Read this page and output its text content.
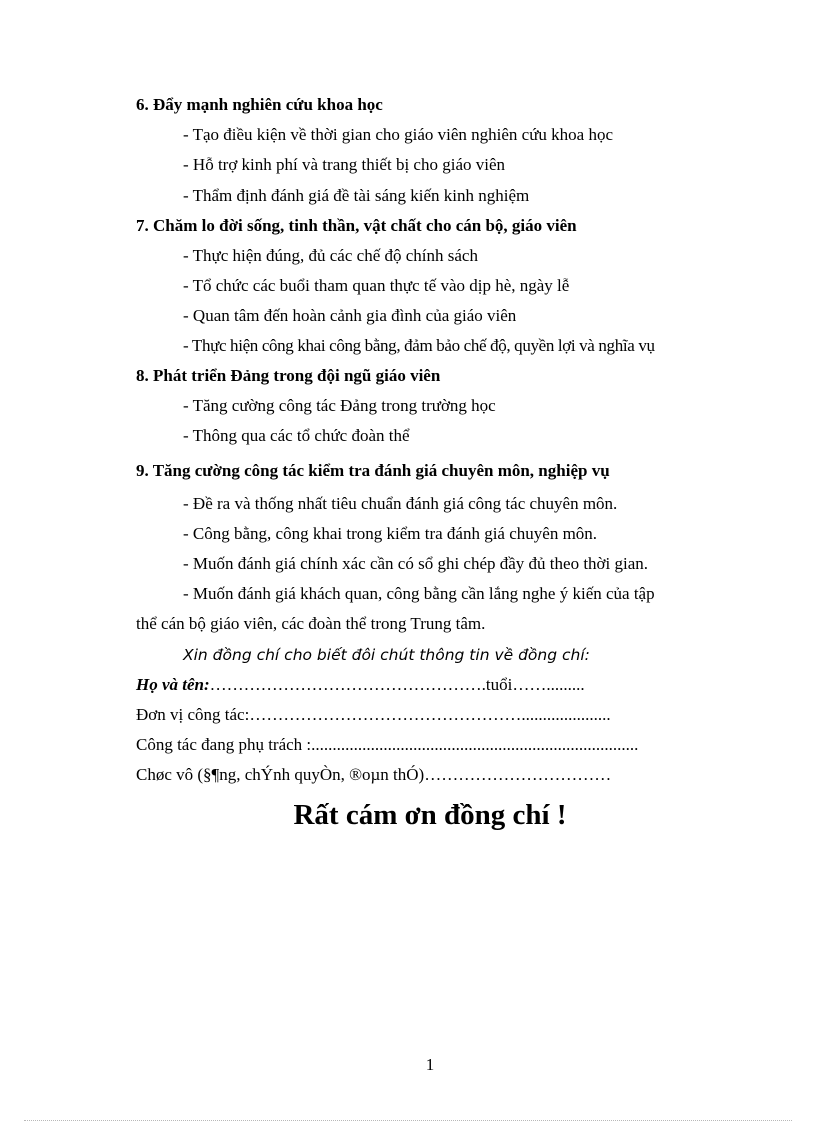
6. Đẩy mạnh nghiên cứu khoa học
- Tạo điều kiện về thời gian cho giáo viên nghiên cứu khoa học
- Hỗ trợ kinh phí và trang thiết bị cho giáo viên
- Thẩm định đánh giá đề tài sáng kiến kinh nghiệm
7. Chăm lo đời sống, tinh thần, vật chất cho cán bộ, giáo viên
- Thực hiện đúng, đủ các chế độ chính sách
- Tổ chức các buổi tham quan thực tế vào dịp hè, ngày lễ
- Quan tâm đến hoàn cảnh gia đình của giáo viên
- Thực hiện công khai công bằng, đảm bảo chế độ, quyền lợi và nghĩa vụ
8. Phát triển Đảng trong đội ngũ giáo viên
- Tăng cường công tác Đảng trong trường học
- Thông qua các tổ chức đoàn thể
9. Tăng cường công tác kiểm tra đánh giá chuyên môn, nghiệp vụ
- Đề ra và thống nhất tiêu chuẩn đánh giá công tác chuyên môn.
- Công bằng, công khai trong kiểm tra đánh giá chuyên môn.
- Muốn đánh giá chính xác cần có sổ ghi chép đầy đủ theo thời gian.
- Muốn đánh giá khách quan, công bằng cần lắng nghe ý kiến của tập
thể cán bộ giáo viên, các đoàn thể trong Trung tâm.
Xin đồng chí cho biết đôi chút thông tin về đồng chí:
Họ và tên:………………………………………….tuổi…….........
Đơn vị công tác:………………………………………….....................
Công tác đang phụ trách :.............................................................................
Chøc vô (§¶ng, chÝnh quyÒn, ®oµn thÓ)……………………………
Rất cám ơn đồng chí !
1
